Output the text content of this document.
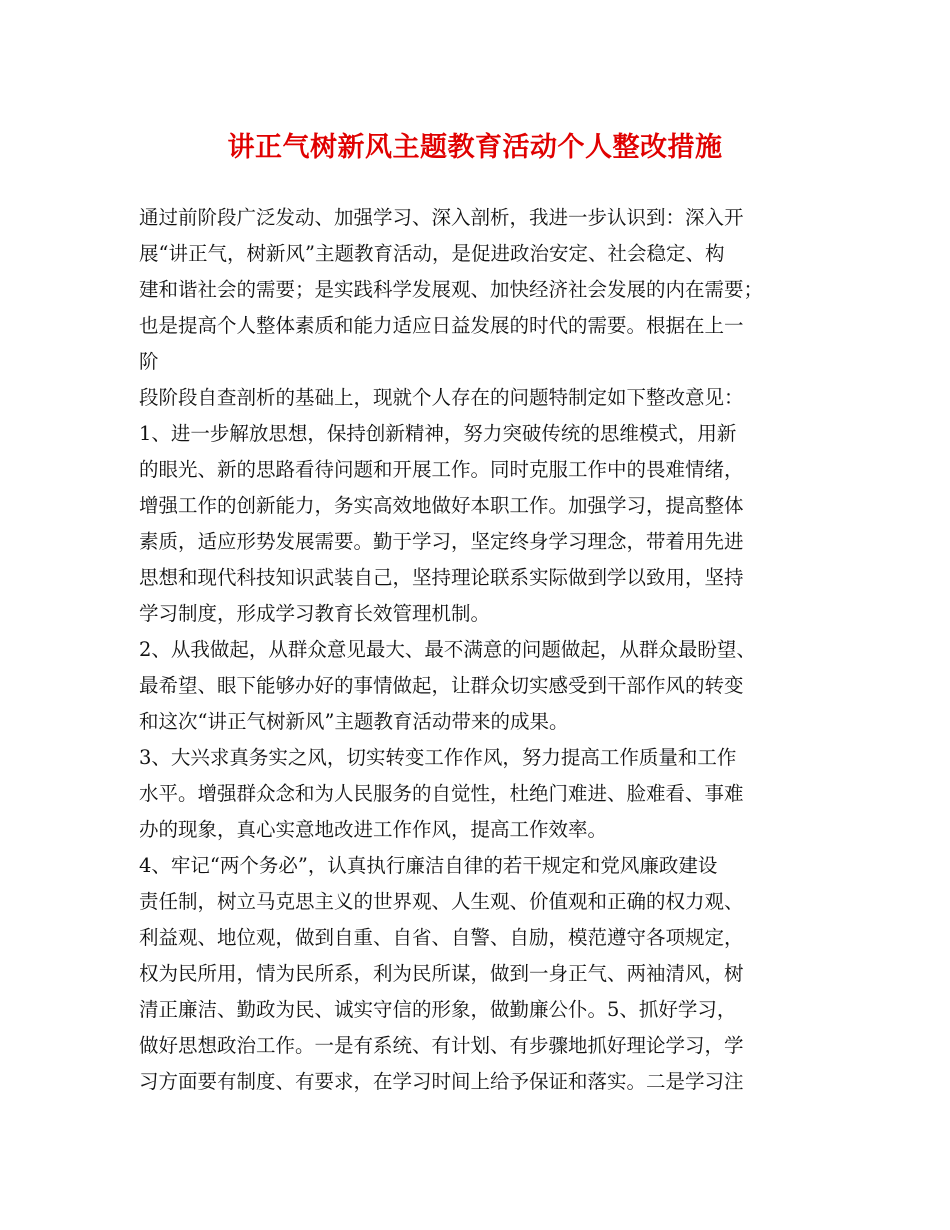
讲正气树新风主题教育活动个人整改措施
通过前阶段广泛发动、加强学习、深入剖析，我进一步认识到：深入开
展“讲正气，树新风”主题教育活动，是促进政治安定、社会稳定、构
建和谐社会的需要；是实践科学发展观、加快经济社会发展的内在需要；
也是提高个人整体素质和能力适应日益发展的时代的需要。根据在上一
阶
段阶段自查剖析的基础上，现就个人存在的问题特制定如下整改意见：
1、进一步解放思想，保持创新精神，努力突破传统的思维模式，用新
的眼光、新的思路看待问题和开展工作。同时克服工作中的畏难情绪，
增强工作的创新能力，务实高效地做好本职工作。加强学习，提高整体
素质，适应形势发展需要。勤于学习，坚定终身学习理念，带着用先进
思想和现代科技知识武装自己，坚持理论联系实际做到学以致用，坚持
学习制度，形成学习教育长效管理机制。
2、从我做起，从群众意见最大、最不满意的问题做起，从群众最盼望、
最希望、眼下能够办好的事情做起，让群众切实感受到干部作风的转变
和这次“讲正气树新风”主题教育活动带来的成果。
3、大兴求真务实之风，切实转变工作作风，努力提高工作质量和工作
水平。增强群众念和为人民服务的自觉性，杜绝门难进、脸难看、事难
办的现象，真心实意地改进工作作风，提高工作效率。
4、牢记“两个务必”，认真执行廉洁自律的若干规定和党风廉政建设
责任制，树立马克思主义的世界观、人生观、价值观和正确的权力观、
利益观、地位观，做到自重、自省、自警、自励，模范遵守各项规定，
权为民所用，情为民所系，利为民所谋，做到一身正气、两袖清风，树
清正廉洁、勤政为民、诚实守信的形象，做勤廉公仆。5、抓好学习，
做好思想政治工作。一是有系统、有计划、有步骤地抓好理论学习，学
习方面要有制度、有要求，在学习时间上给予保证和落实。二是学习注
